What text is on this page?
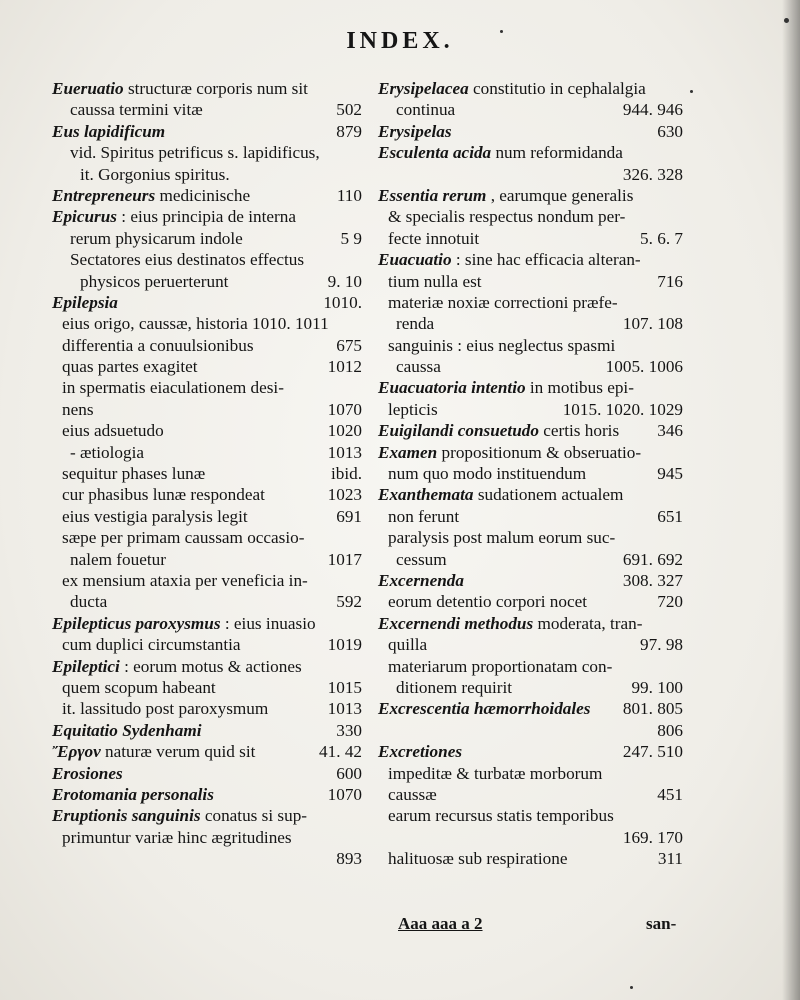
INDEX.
Eueruatio structuræ corporis num sit
caussa termini vitæ	502
Eus lapidificum	879
vid. Spiritus petrificus s. lapidificus,
it. Gorgonius spiritus.
Entrepreneurs medicinische	110
Epicurus : eius principia de interna
rerum physicarum indole	5 9
Sectatores eius destinatos effectus
physicos peruerterunt	9. 10
Epilepsia	1010.
eius origo, caussæ, historia 1010. 1011
differentia a conuulsionibus	675
quas partes exagitet	1012
in spermatis eiaculationem desi-
nens	1070
eius adsuetudo	1020
- ætiologia	1013
sequitur phases lunæ	ibid.
cur phasibus lunæ respondeat	1023
eius vestigia paralysis legit	691
sæpe per primam caussam occasio-
nalem fouetur	1017
ex mensium ataxia per veneficia in-
ducta	592
Epilepticus paroxysmus : eius inuasio
cum duplici circumstantia	1019
Epileptici : eorum motus & actiones
quem scopum habeant	1015
it. lassitudo post paroxysmum	1013
Equitatio Sydenhami	330
Ἔργον naturæ verum quid sit	41. 42
Erosiones	600
Erotomania personalis	1070
Eruptionis sanguinis conatus si sup-
primuntur variæ hinc ægritudines
893
Erysipelacea constitutio in cephalalgia
continua	944. 946
Erysipelas	630
Esculenta acida num reformidanda
326. 328
Essentia rerum , earumque generalis
& specialis respectus nondum per-
fecte innotuit	5. 6. 7
Euacuatio : sine hac efficacia alteran-
tium nulla est	716
materiæ noxiæ correctioni præfe-
renda	107. 108
sanguinis : eius neglectus spasmi
caussa	1005. 1006
Euacuatoria intentio in motibus epi-
lepticis	1015. 1020. 1029
Euigilandi consuetudo certis horis 346
Examen propositionum & obseruatio-
num quo modo instituendum	945
Exanthemata sudationem actualem
non ferunt	651
paralysis post malum eorum suc-
cessum	691. 692
Excernenda	308. 327
eorum detentio corpori nocet	720
Excernendi methodus moderata, tran-
quilla	97. 98
materiarum proportionatam con-
ditionem requirit	99. 100
Excrescentia hæmorrhoidales 801. 805
806
Excretiones	247. 510
impeditæ & turbatæ morborum
caussæ	451
earum recursus statis temporibus
169. 170
halituosæ sub respiratione	311
Aaa aaa a 2	san-
